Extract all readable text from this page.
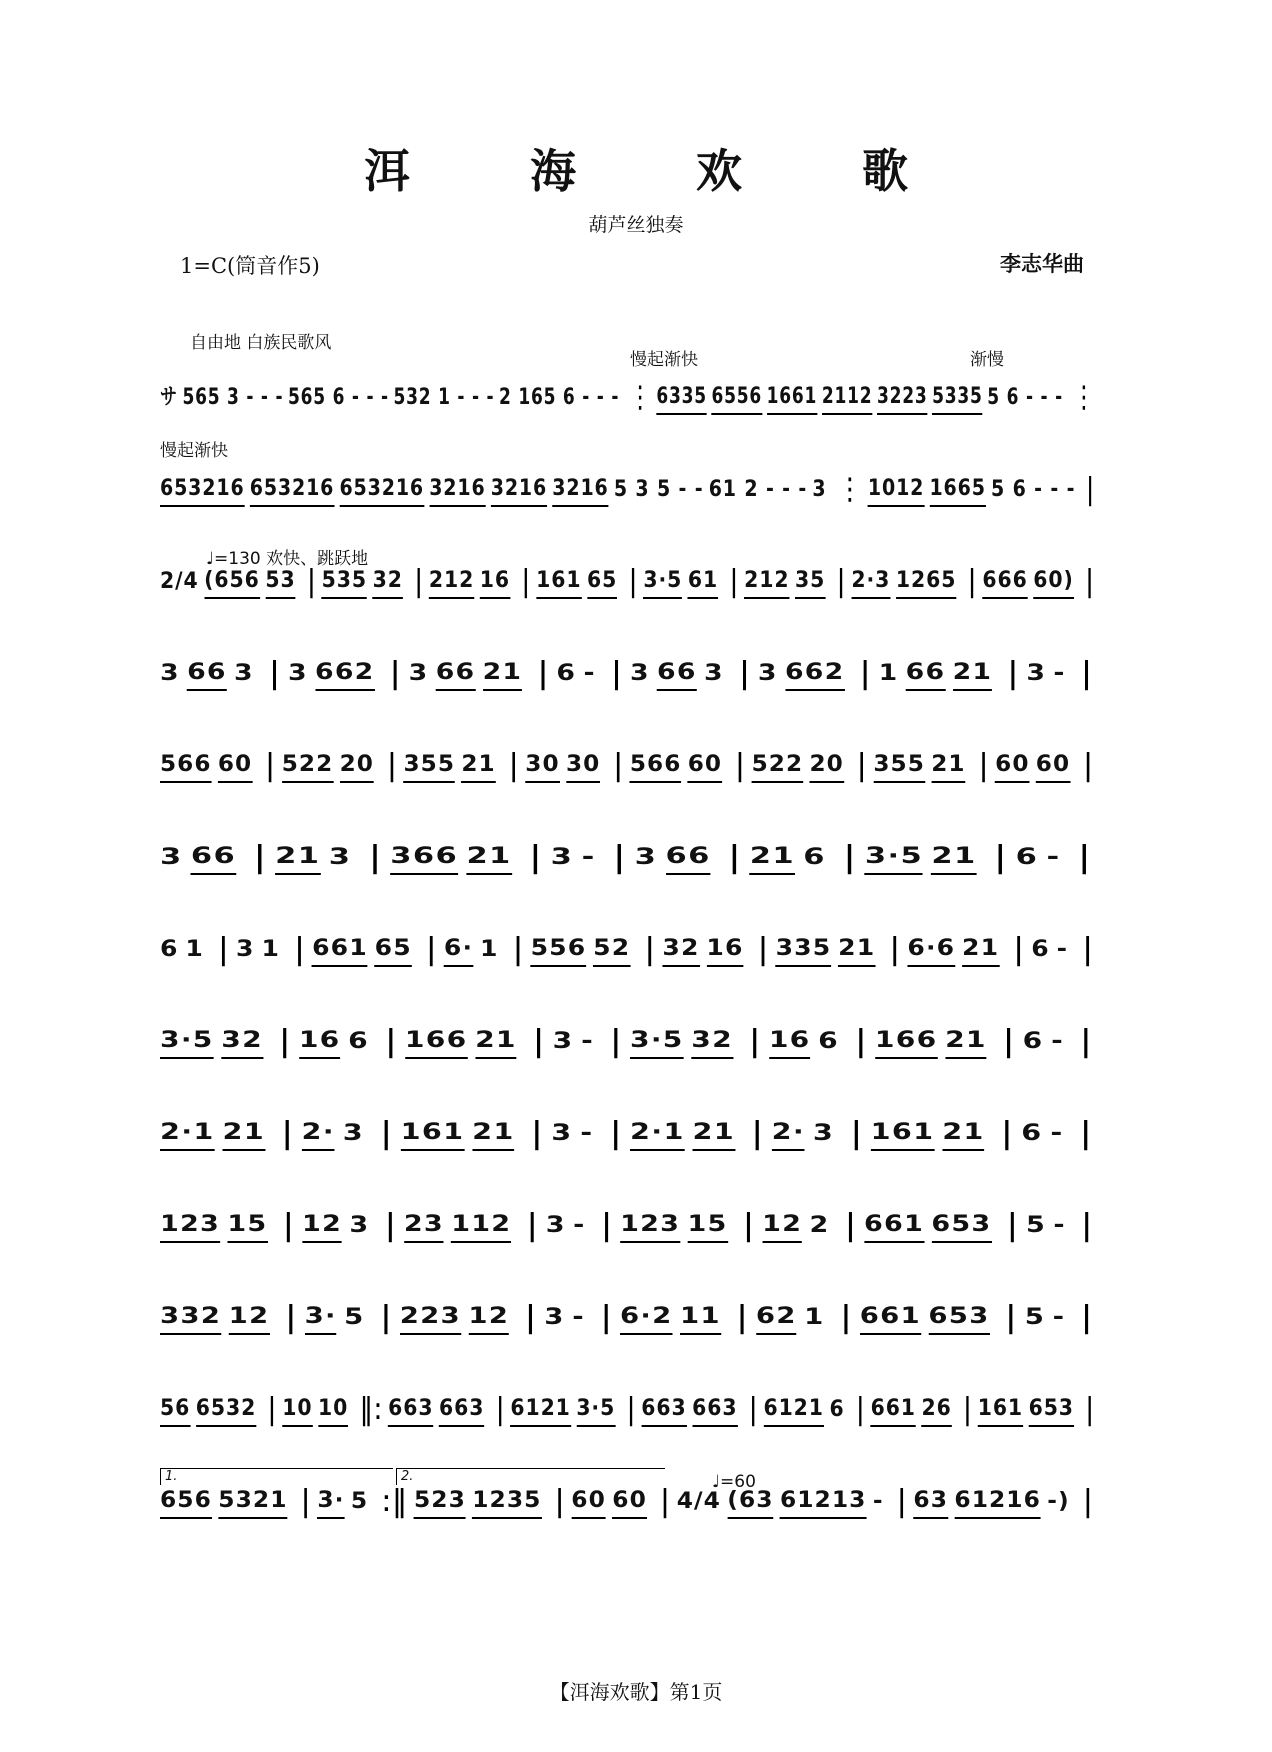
洱 海 欢 歌
葫芦丝独奏
1=C(筒音作5)	李志华曲
自由地 白族民歌风
慢起渐快	渐慢
慢起渐快
♩=130 欢快、跳跃地
♩=60
1.	2.
サ 565 3 - - - 565 6 - - - 532 1 - - - 2 165 6 - - - ⋮ 6335 6556 1661 2112 3223 5335 5 6 - - - ⋮
653216 653216 653216 3216 3216 3216 5 3 5 - - 61 2 - - - 3 ⋮ 1012 1665 5 6 - - - |
2/4 (656 53 | 535 32 | 212 16 | 161 65 | 3·5 61 | 212 35 | 2·3 1265 | 666 60) |
3 66 3 | 3 662 | 3 66 21 | 6 - | 3 66 3 | 3 662 | 1 66 21 | 3 - |
566 60 | 522 20 | 355 21 | 30 30 | 566 60 | 522 20 | 355 21 | 60 60 |
3 66 | 21 3 | 366 21 | 3 - | 3 66 | 21 6 | 3·5 21 | 6 - |
6 1 | 3 1 | 661 65 | 6· 1 | 556 52 | 32 16 | 335 21 | 6·6 21 | 6 - |
3·5 32 | 16 6 | 166 21 | 3 - | 3·5 32 | 16 6 | 166 21 | 6 - |
2·1 21 | 2· 3 | 161 21 | 3 - | 2·1 21 | 2· 3 | 161 21 | 6 - |
123 15 | 12 3 | 23 112 | 3 - | 123 15 | 12 2 | 661 653 | 5 - |
332 12 | 3· 5 | 223 12 | 3 - | 6·2 11 | 62 1 | 661 653 | 5 - |
56 6532 | 10 10 ‖: 663 663 | 6121 3·5 | 663 663 | 6121 6 | 661 26 | 161 653 |
656 5321 | 3· 5 :‖ 523 1235 | 60 60 | 4/4 (63 61213 - | 63 61216 -) |
【洱海欢歌】第1页
